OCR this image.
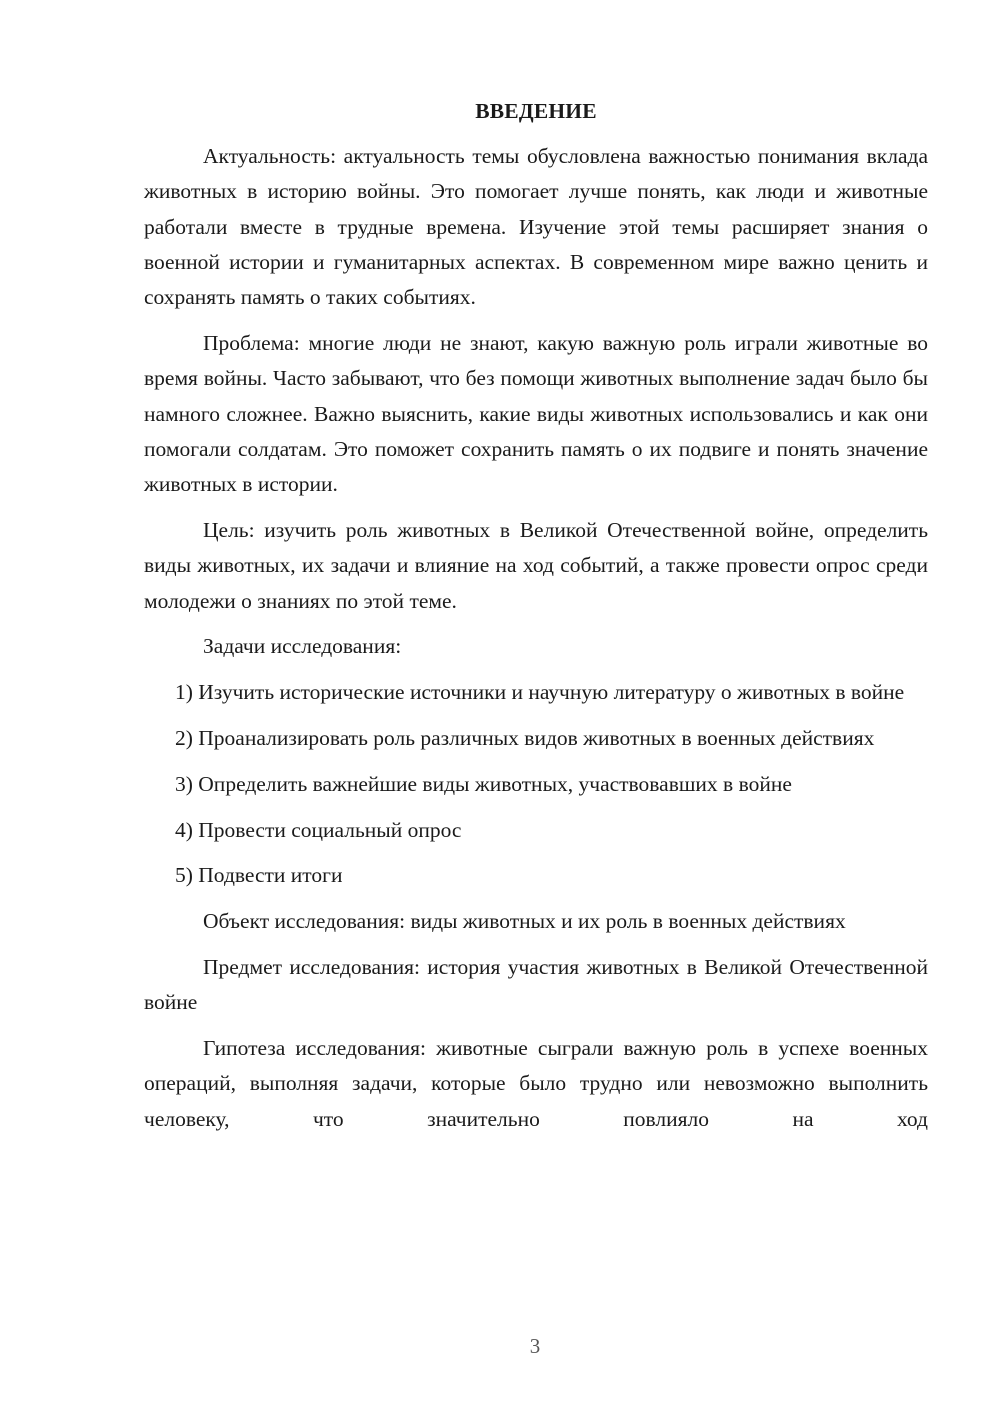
ВВЕДЕНИЕ

Актуальность: актуальность темы обусловлена важностью понимания вклада животных в историю войны. Это помогает лучше понять, как люди и животные работали вместе в трудные времена. Изучение этой темы расширяет знания о военной истории и гуманитарных аспектах. В современном мире важно ценить и сохранять память о таких событиях.

Проблема: многие люди не знают, какую важную роль играли животные во время войны. Часто забывают, что без помощи животных выполнение задач было бы намного сложнее. Важно выяснить, какие виды животных использовались и как они помогали солдатам. Это поможет сохранить память о их подвиге и понять значение животных в истории.

Цель: изучить роль животных в Великой Отечественной войне, определить виды животных, их задачи и влияние на ход событий, а также провести опрос среди молодежи о знаниях по этой теме.

Задачи исследования:

1) Изучить исторические источники и научную литературу о животных в войне

2) Проанализировать роль различных видов животных в военных действиях

3) Определить важнейшие виды животных, участвовавших в войне

4) Провести социальный опрос

5) Подвести итоги

Объект исследования: виды животных и их роль в военных действиях

Предмет исследования: история участия животных в Великой Отечественной войне

Гипотеза исследования: животные сыграли важную роль в успехе военных операций, выполняя задачи, которые было трудно или невозможно выполнить человеку, что значительно повлияло на ход

3
